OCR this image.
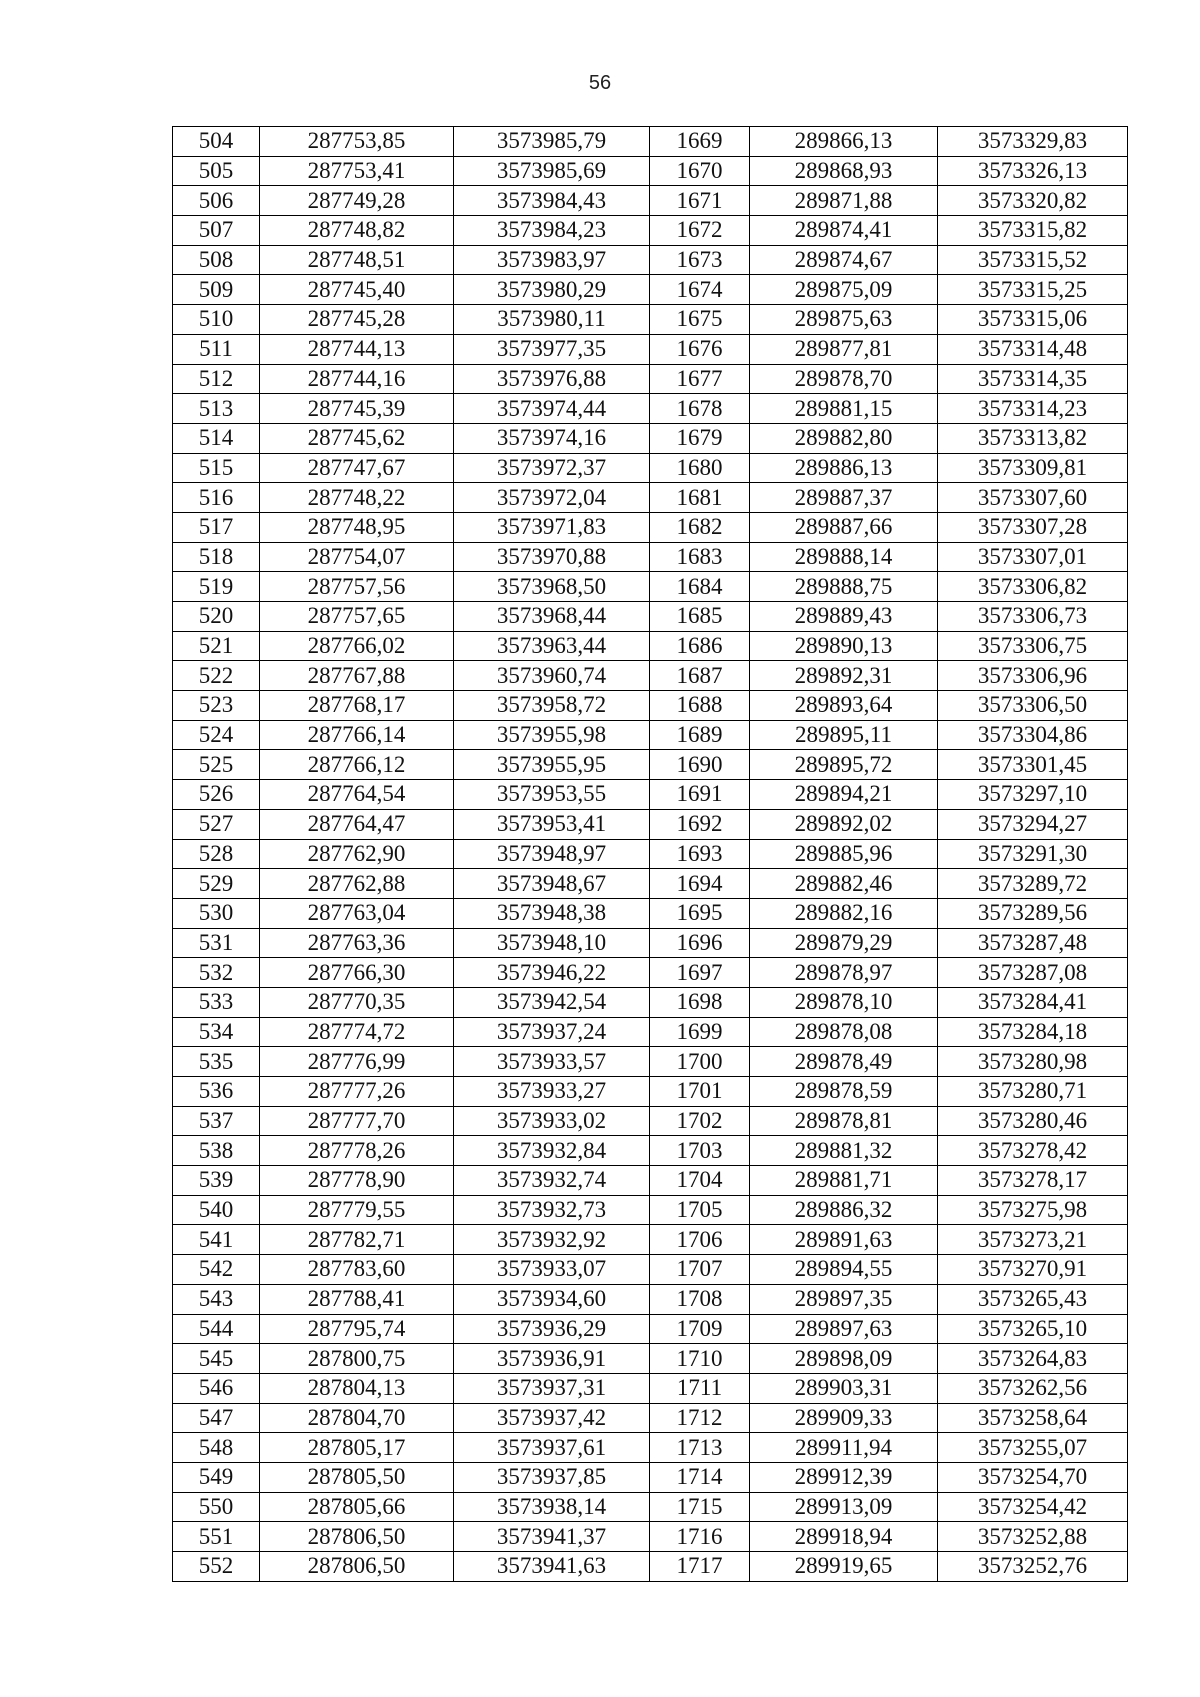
56
504	287753,85	3573985,79	1669	289866,13	3573329,83
505	287753,41	3573985,69	1670	289868,93	3573326,13
506	287749,28	3573984,43	1671	289871,88	3573320,82
507	287748,82	3573984,23	1672	289874,41	3573315,82
508	287748,51	3573983,97	1673	289874,67	3573315,52
509	287745,40	3573980,29	1674	289875,09	3573315,25
510	287745,28	3573980,11	1675	289875,63	3573315,06
511	287744,13	3573977,35	1676	289877,81	3573314,48
512	287744,16	3573976,88	1677	289878,70	3573314,35
513	287745,39	3573974,44	1678	289881,15	3573314,23
514	287745,62	3573974,16	1679	289882,80	3573313,82
515	287747,67	3573972,37	1680	289886,13	3573309,81
516	287748,22	3573972,04	1681	289887,37	3573307,60
517	287748,95	3573971,83	1682	289887,66	3573307,28
518	287754,07	3573970,88	1683	289888,14	3573307,01
519	287757,56	3573968,50	1684	289888,75	3573306,82
520	287757,65	3573968,44	1685	289889,43	3573306,73
521	287766,02	3573963,44	1686	289890,13	3573306,75
522	287767,88	3573960,74	1687	289892,31	3573306,96
523	287768,17	3573958,72	1688	289893,64	3573306,50
524	287766,14	3573955,98	1689	289895,11	3573304,86
525	287766,12	3573955,95	1690	289895,72	3573301,45
526	287764,54	3573953,55	1691	289894,21	3573297,10
527	287764,47	3573953,41	1692	289892,02	3573294,27
528	287762,90	3573948,97	1693	289885,96	3573291,30
529	287762,88	3573948,67	1694	289882,46	3573289,72
530	287763,04	3573948,38	1695	289882,16	3573289,56
531	287763,36	3573948,10	1696	289879,29	3573287,48
532	287766,30	3573946,22	1697	289878,97	3573287,08
533	287770,35	3573942,54	1698	289878,10	3573284,41
534	287774,72	3573937,24	1699	289878,08	3573284,18
535	287776,99	3573933,57	1700	289878,49	3573280,98
536	287777,26	3573933,27	1701	289878,59	3573280,71
537	287777,70	3573933,02	1702	289878,81	3573280,46
538	287778,26	3573932,84	1703	289881,32	3573278,42
539	287778,90	3573932,74	1704	289881,71	3573278,17
540	287779,55	3573932,73	1705	289886,32	3573275,98
541	287782,71	3573932,92	1706	289891,63	3573273,21
542	287783,60	3573933,07	1707	289894,55	3573270,91
543	287788,41	3573934,60	1708	289897,35	3573265,43
544	287795,74	3573936,29	1709	289897,63	3573265,10
545	287800,75	3573936,91	1710	289898,09	3573264,83
546	287804,13	3573937,31	1711	289903,31	3573262,56
547	287804,70	3573937,42	1712	289909,33	3573258,64
548	287805,17	3573937,61	1713	289911,94	3573255,07
549	287805,50	3573937,85	1714	289912,39	3573254,70
550	287805,66	3573938,14	1715	289913,09	3573254,42
551	287806,50	3573941,37	1716	289918,94	3573252,88
552	287806,50	3573941,63	1717	289919,65	3573252,76
